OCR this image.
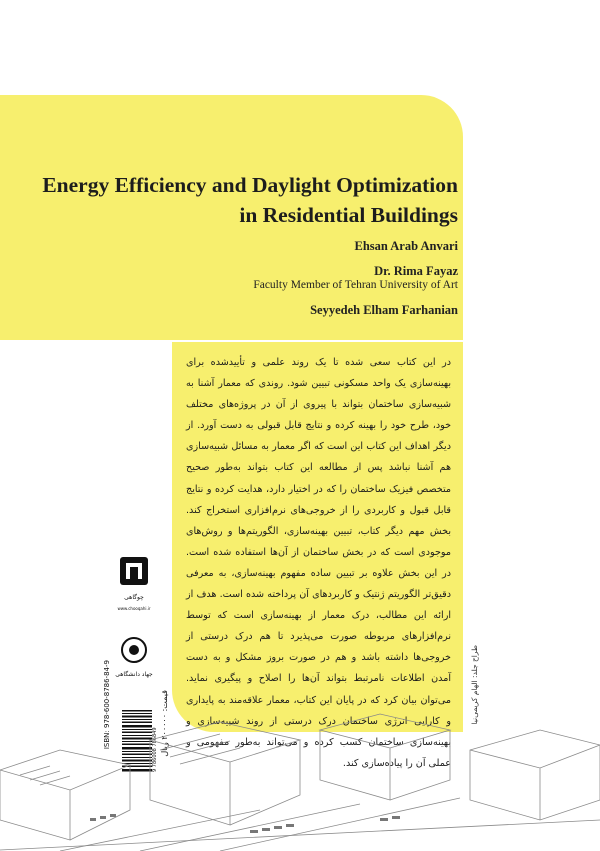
Energy Efficiency and Daylight Optimization in Residential Buildings
Ehsan Arab Anvari
Dr. Rima Fayaz
Faculty Member of Tehran University of Art
Seyyedeh Elham Farhanian
در این کتاب سعی شده تا یک روند علمی و تأییدشده برای بهینه‌سازی یک واحد مسکونی تبیین شود. روندی که معمار آشنا به شبیه‌سازی ساختمان بتواند با پیروی از آن در پروژه‌های مختلف خود، طرح خود را بهینه کرده و نتایج قابل قبولی به دست آورد. از دیگر اهداف این کتاب این است که اگر معمار به مسائل شبیه‌سازی هم آشنا نباشد پس از مطالعه این کتاب بتواند به‌طور صحیح متخصص فیزیک ساختمان را که در اختیار دارد، هدایت کرده و نتایج قابل قبول و کاربردی را از خروجی‌های نرم‌افزاری استخراج کند. بخش مهم دیگر کتاب، تبیین بهینه‌سازی، الگوریتم‌ها و روش‌های موجودی است که در بخش ساختمان از آن‌ها استفاده شده است. در این بخش علاوه بر تبیین ساده مفهوم بهینه‌سازی، به معرفی دقیق‌تر الگوریتم ژنتیک و کاربردهای آن پرداخته شده است. هدف از ارائه این مطالب، درک معمار از بهینه‌سازی است که توسط نرم‌افزارهای مربوطه صورت می‌پذیرد تا هم درک درستی از خروجی‌ها داشته باشد و هم در صورت بروز مشکل و به دست آمدن اطلاعات نامرتبط بتواند آن‌ها را اصلاح و پیگیری نماید. می‌توان بیان کرد که در پایان این کتاب، معمار علاقه‌مند به پایداری و کارایی انرژی ساختمان درک درستی از روند شبیه‌سازی و بهینه‌سازی ساختمان کسب کرده و می‌تواند به‌طور مفهومی و عملی آن را پیاده‌سازی کند.
طراح جلد: الهام کریمی‌نیا
چوگاهی
www.chooqahi.ir
جهاد دانشگاهی
9 786008 786849
ISBN: 978-600-8786-84-9	قیمت: ۲۰۰۰۰۰ ریال
